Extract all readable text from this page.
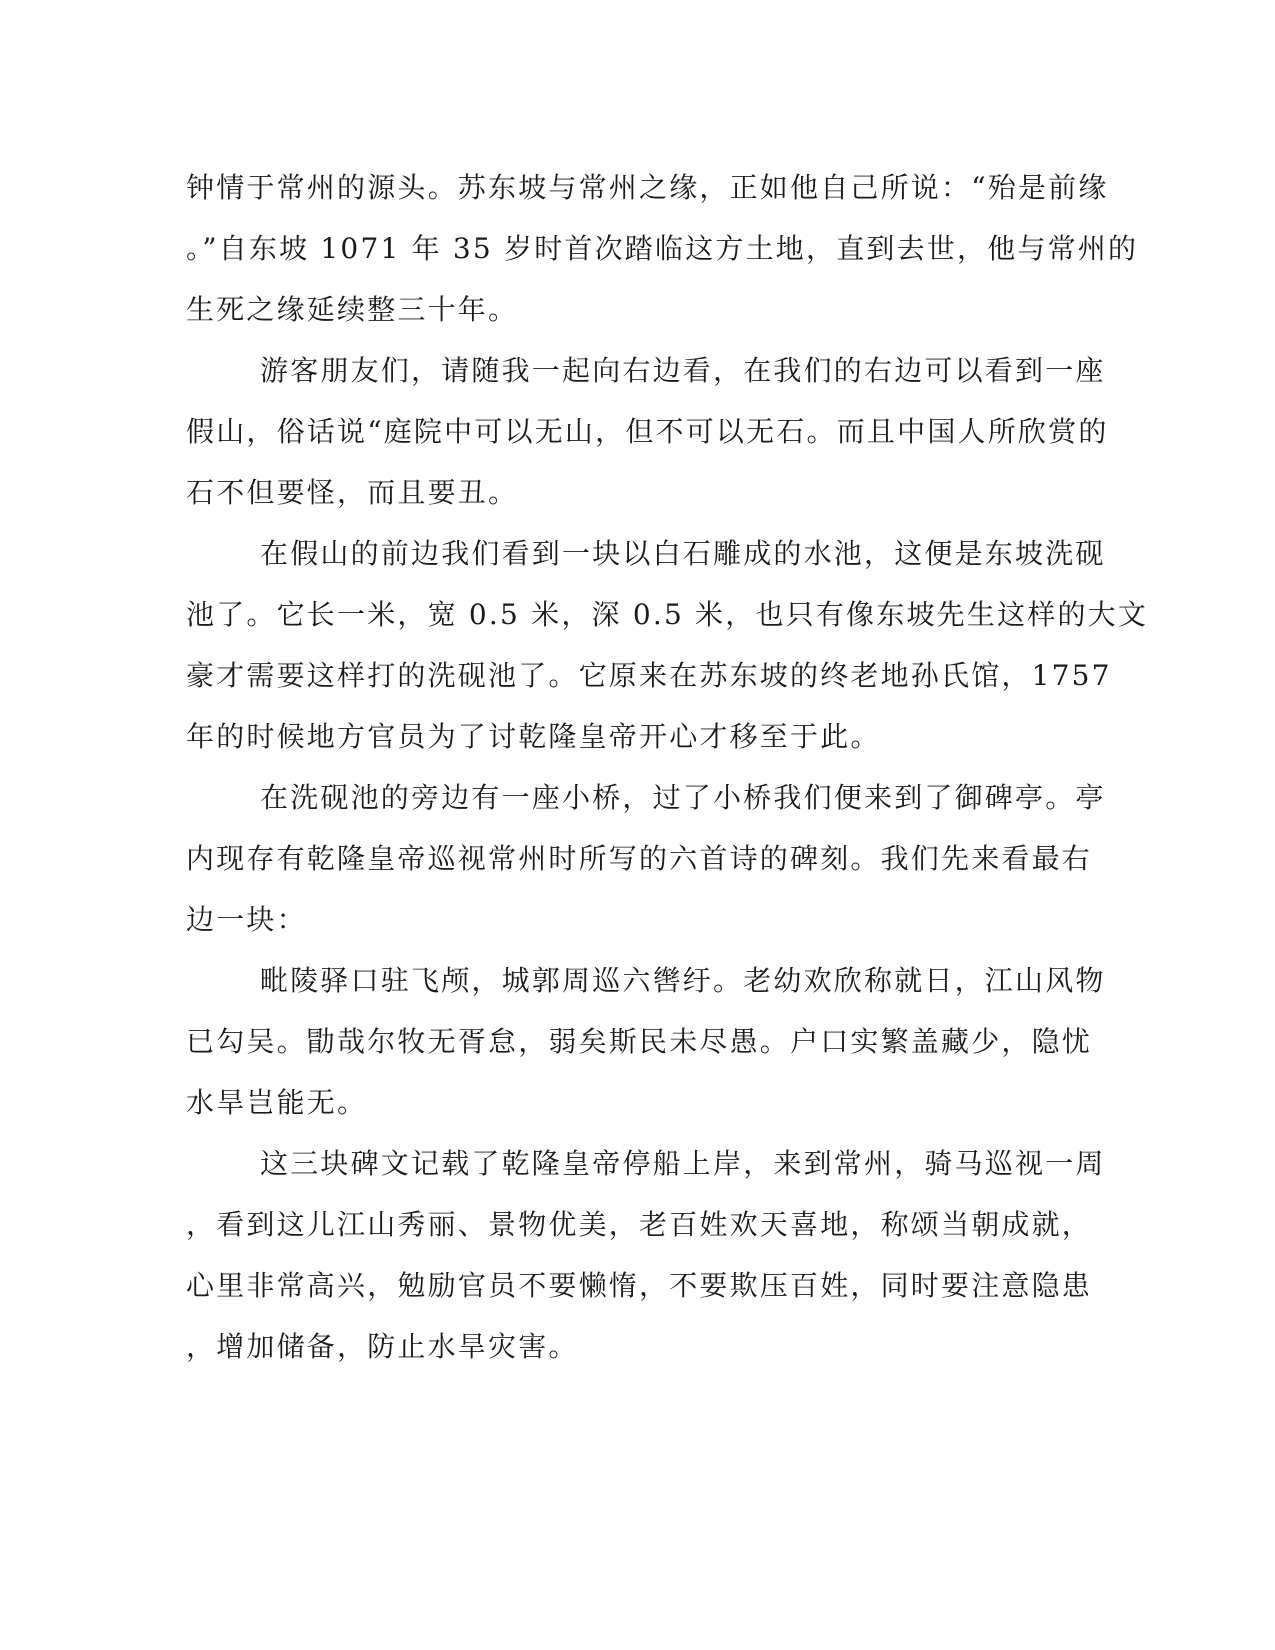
钟情于常州的源头。苏东坡与常州之缘，正如他自己所说：“殆是前缘
。”自东坡 1071 年 35 岁时首次踏临这方土地，直到去世，他与常州的
生死之缘延续整三十年。
游客朋友们，请随我一起向右边看，在我们的右边可以看到一座
假山，俗话说“庭院中可以无山，但不可以无石。而且中国人所欣赏的
石不但要怪，而且要丑。
在假山的前边我们看到一块以白石雕成的水池，这便是东坡洗砚
池了。它长一米，宽 0.5 米，深 0.5 米，也只有像东坡先生这样的大文
豪才需要这样打的洗砚池了。它原来在苏东坡的终老地孙氏馆，1757
年的时候地方官员为了讨乾隆皇帝开心才移至于此。
在洗砚池的旁边有一座小桥，过了小桥我们便来到了御碑亭。亭
内现存有乾隆皇帝巡视常州时所写的六首诗的碑刻。我们先来看最右
边一块：
毗陵驿口驻飞颅，城郭周巡六辔纡。老幼欢欣称就日，江山风物
已勾吴。勖哉尔牧无胥怠，弱矣斯民未尽愚。户口实繁盖藏少，隐忧
水旱岂能无。
这三块碑文记载了乾隆皇帝停船上岸，来到常州，骑马巡视一周
，看到这儿江山秀丽、景物优美，老百姓欢天喜地，称颂当朝成就，
心里非常高兴，勉励官员不要懒惰，不要欺压百姓，同时要注意隐患
，增加储备，防止水旱灾害。
